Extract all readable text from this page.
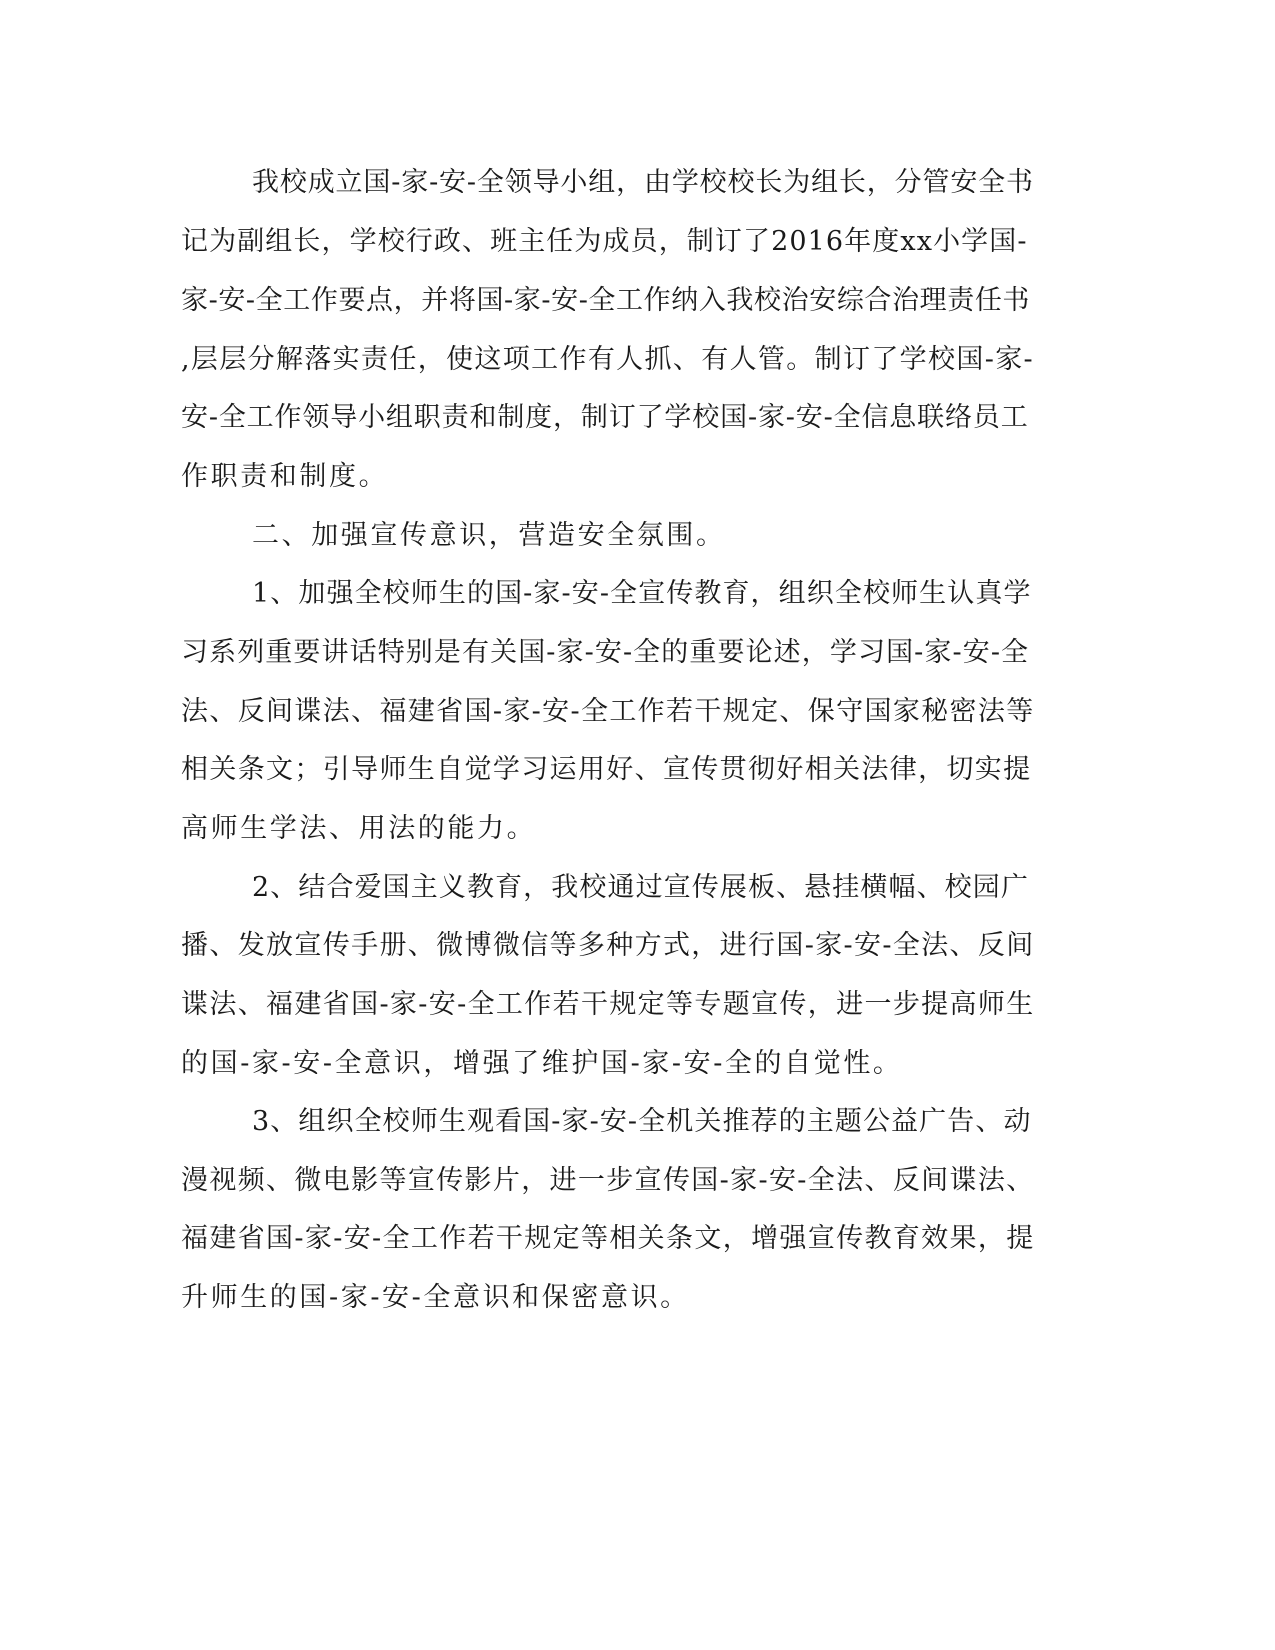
我校成立国-家-安-全领导小组，由学校校长为组长，分管安全书
记为副组长，学校行政、班主任为成员，制订了2016年度xx小学国-
家-安-全工作要点，并将国-家-安-全工作纳入我校治安综合治理责任书
,层层分解落实责任，使这项工作有人抓、有人管。制订了学校国-家-
安-全工作领导小组职责和制度，制订了学校国-家-安-全信息联络员工
作职责和制度。
二、加强宣传意识，营造安全氛围。
1、加强全校师生的国-家-安-全宣传教育，组织全校师生认真学
习系列重要讲话特别是有关国-家-安-全的重要论述，学习国-家-安-全
法、反间谍法、福建省国-家-安-全工作若干规定、保守国家秘密法等
相关条文；引导师生自觉学习运用好、宣传贯彻好相关法律，切实提
高师生学法、用法的能力。
2、结合爱国主义教育，我校通过宣传展板、悬挂横幅、校园广
播、发放宣传手册、微博微信等多种方式，进行国-家-安-全法、反间
谍法、福建省国-家-安-全工作若干规定等专题宣传，进一步提高师生
的国-家-安-全意识，增强了维护国-家-安-全的自觉性。
3、组织全校师生观看国-家-安-全机关推荐的主题公益广告、动
漫视频、微电影等宣传影片，进一步宣传国-家-安-全法、反间谍法、
福建省国-家-安-全工作若干规定等相关条文，增强宣传教育效果，提
升师生的国-家-安-全意识和保密意识。
